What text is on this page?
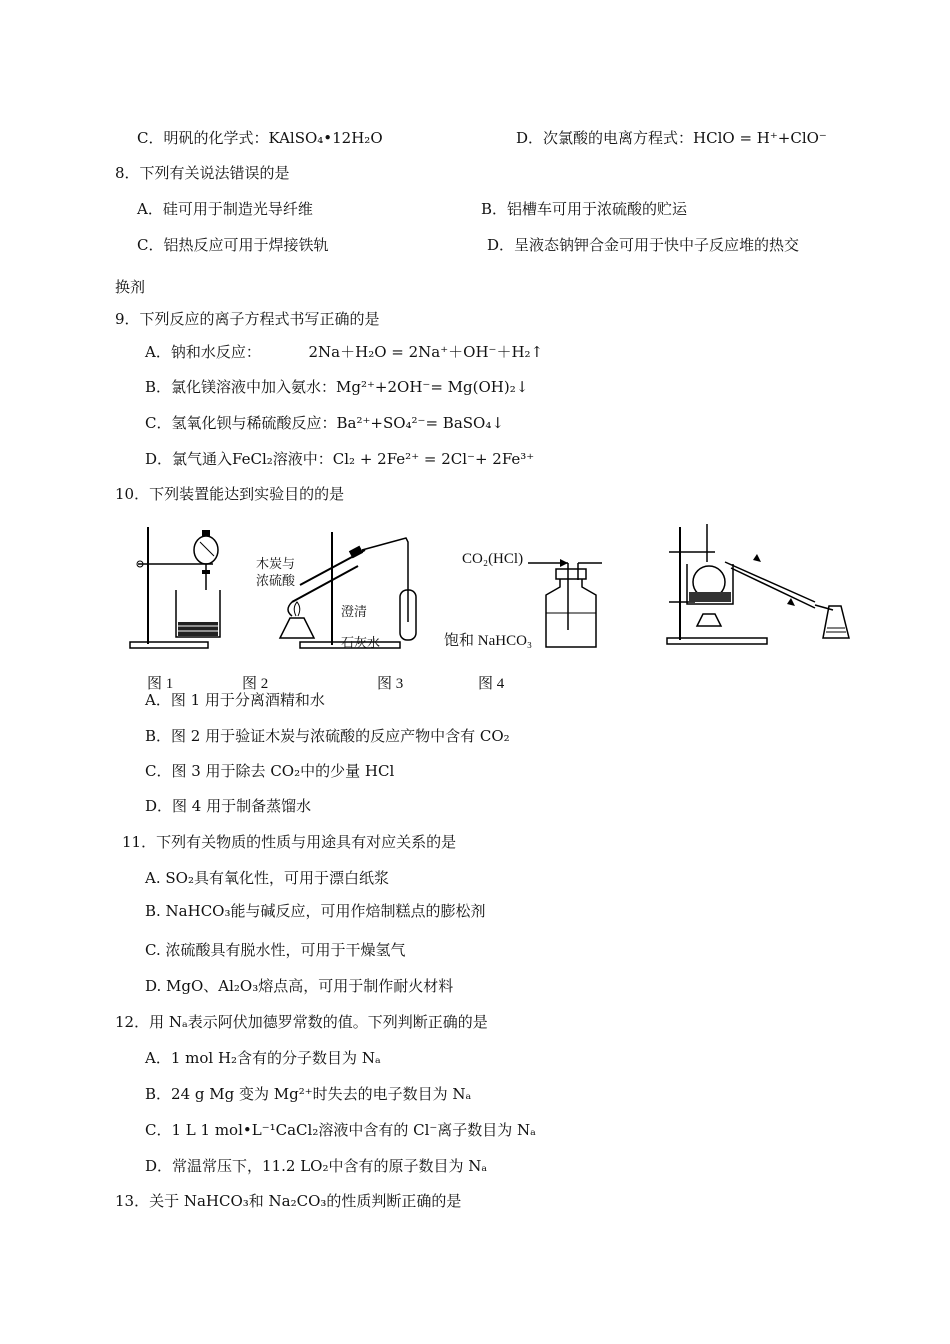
C．明矾的化学式：KAlSO₄•12H₂O	D．次氯酸的电离方程式：HClO = H⁺+ClO⁻
8．下列有关说法错误的是
A．硅可用于制造光导纤维	B．铝槽车可用于浓硫酸的贮运
C．铝热反应可用于焊接铁轨	D．呈液态钠钾合金可用于快中子反应堆的热交
换剂
9．下列反应的离子方程式书写正确的是
A．钠和水反应：          2Na＋H₂O = 2Na⁺＋OH⁻＋H₂↑
B．氯化镁溶液中加入氨水：Mg²⁺+2OH⁻= Mg(OH)₂↓
C．氢氧化钡与稀硫酸反应：Ba²⁺+SO₄²⁻= BaSO₄↓
D．氯气通入FeCl₂溶液中：Cl₂ + 2Fe²⁺ = 2Cl⁻+ 2Fe³⁺
10．下列装置能达到实验目的的是
木炭与
浓硫酸
澄清
石灰水
CO₂(HCl)
饱和 NaHCO₃
图 1	图 2	图 3	图 4
A．图 1 用于分离酒精和水
B．图 2 用于验证木炭与浓硫酸的反应产物中含有 CO₂
C．图 3 用于除去 CO₂中的少量 HCl
D．图 4 用于制备蒸馏水
11．下列有关物质的性质与用途具有对应关系的是
A. SO₂具有氧化性，可用于漂白纸浆
B. NaHCO₃能与碱反应，可用作焙制糕点的膨松剂
C. 浓硫酸具有脱水性，可用于干燥氢气
D. MgO、Al₂O₃熔点高，可用于制作耐火材料
12．用 Nₐ表示阿伏加德罗常数的值。下列判断正确的是
A．1 mol H₂含有的分子数目为 Nₐ
B．24 g Mg 变为 Mg²⁺时失去的电子数目为 Nₐ
C．1 L 1 mol•L⁻¹CaCl₂溶液中含有的 Cl⁻离子数目为 Nₐ
D．常温常压下，11.2 LO₂中含有的原子数目为 Nₐ
13．关于 NaHCO₃和 Na₂CO₃的性质判断正确的是
